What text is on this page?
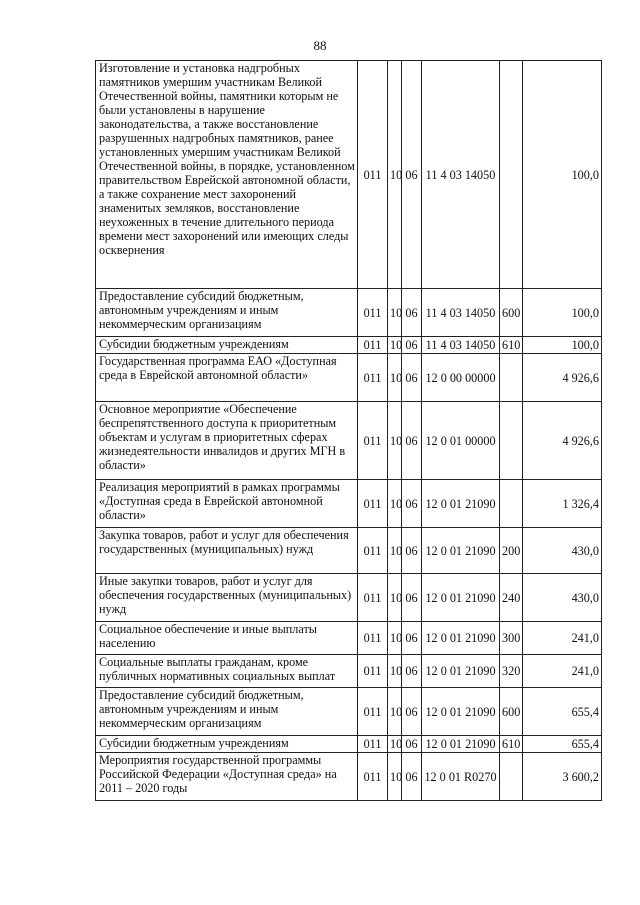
88
Изготовление и установка надгробных памятников умершим участникам Великой Отечественной войны, памятники которым не были установлены в нарушение законодательства, а также восстановление разрушенных надгробных памятников, ранее установленных умершим участникам Великой Отечественной войны, в порядке, установленном правительством Еврейской автономной области, а также сохранение мест захоронений знаменитых земляков, восстановление неухоженных в течение длительного периода времени мест захоронений или имеющих следы осквернения	011	10	06	11 4 03 14050		100,0
Предоставление субсидий бюджетным, автономным учреждениям и иным некоммерческим организациям	011	10	06	11 4 03 14050	600	100,0
Субсидии бюджетным учреждениям	011	10	06	11 4 03 14050	610	100,0
Государственная программа ЕАО «Доступная среда в Еврейской автономной области»	011	10	06	12 0 00 00000		4 926,6
Основное мероприятие «Обеспечение беспрепятственного доступа к приоритетным объектам и услугам в приоритетных сферах жизнедеятельности инвалидов и других МГН в области»	011	10	06	12 0 01 00000		4 926,6
Реализация мероприятий в рамках программы «Доступная среда в Еврейской автономной области»	011	10	06	12 0 01 21090		1 326,4
Закупка товаров, работ и услуг для обеспечения государственных (муниципальных) нужд	011	10	06	12 0 01 21090	200	430,0
Иные закупки товаров, работ и услуг для обеспечения государственных (муниципальных) нужд	011	10	06	12 0 01 21090	240	430,0
Социальное обеспечение и иные выплаты населению	011	10	06	12 0 01 21090	300	241,0
Социальные выплаты гражданам, кроме публичных нормативных социальных выплат	011	10	06	12 0 01 21090	320	241,0
Предоставление субсидий бюджетным, автономным учреждениям и иным некоммерческим организациям	011	10	06	12 0 01 21090	600	655,4
Субсидии бюджетным учреждениям	011	10	06	12 0 01 21090	610	655,4
Мероприятия государственной программы Российской Федерации «Доступная среда» на 2011 – 2020 годы	011	10	06	12 0 01 R0270		3 600,2
